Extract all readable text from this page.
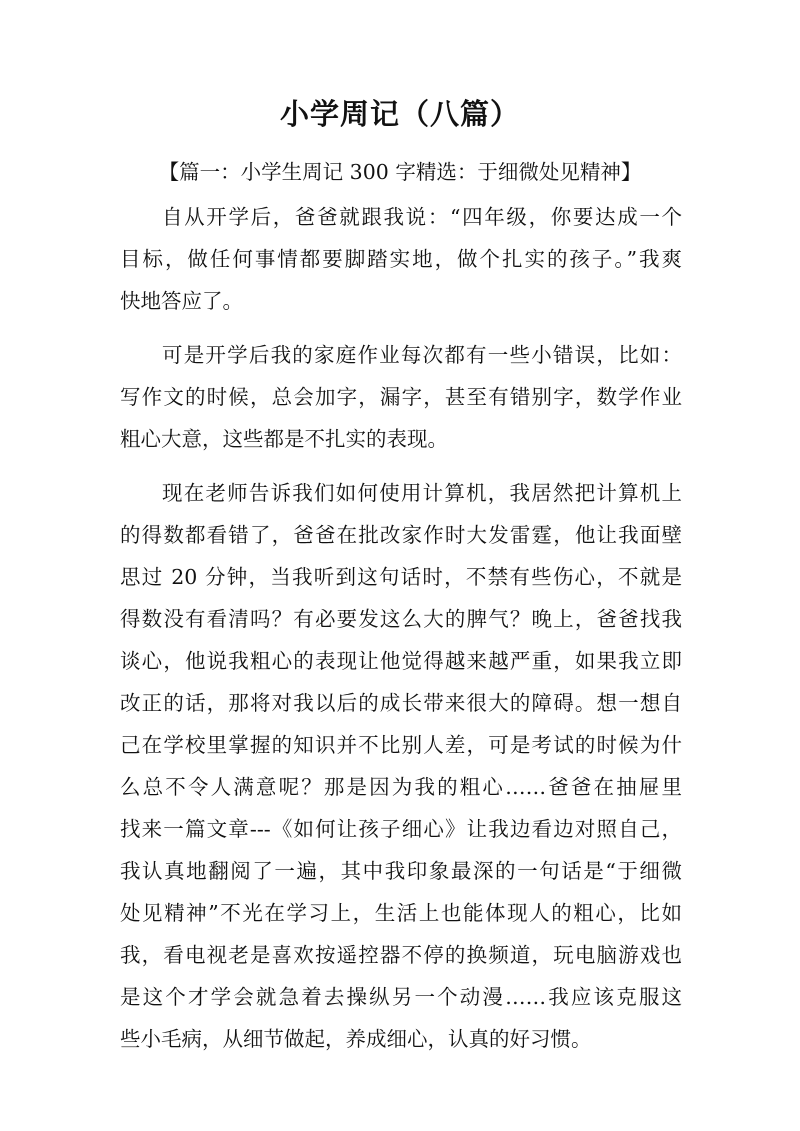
小学周记（八篇）
【篇一：小学生周记 300 字精选：于细微处见精神】
自从开学后，爸爸就跟我说：“四年级，你要达成一个
目标，做任何事情都要脚踏实地，做个扎实的孩子。”我爽
快地答应了。
可是开学后我的家庭作业每次都有一些小错误，比如：
写作文的时候，总会加字，漏字，甚至有错别字，数学作业
粗心大意，这些都是不扎实的表现。
现在老师告诉我们如何使用计算机，我居然把计算机上
的得数都看错了，爸爸在批改家作时大发雷霆，他让我面壁
思过 20 分钟，当我听到这句话时，不禁有些伤心，不就是
得数没有看清吗？有必要发这么大的脾气？晚上，爸爸找我
谈心，他说我粗心的表现让他觉得越来越严重，如果我立即
改正的话，那将对我以后的成长带来很大的障碍。想一想自
己在学校里掌握的知识并不比别人差，可是考试的时候为什
么总不令人满意呢？那是因为我的粗心……爸爸在抽屉里
找来一篇文章---《如何让孩子细心》让我边看边对照自己，
我认真地翻阅了一遍，其中我印象最深的一句话是“于细微
处见精神”不光在学习上，生活上也能体现人的粗心，比如
我，看电视老是喜欢按遥控器不停的换频道，玩电脑游戏也
是这个才学会就急着去操纵另一个动漫……我应该克服这
些小毛病，从细节做起，养成细心，认真的好习惯。
